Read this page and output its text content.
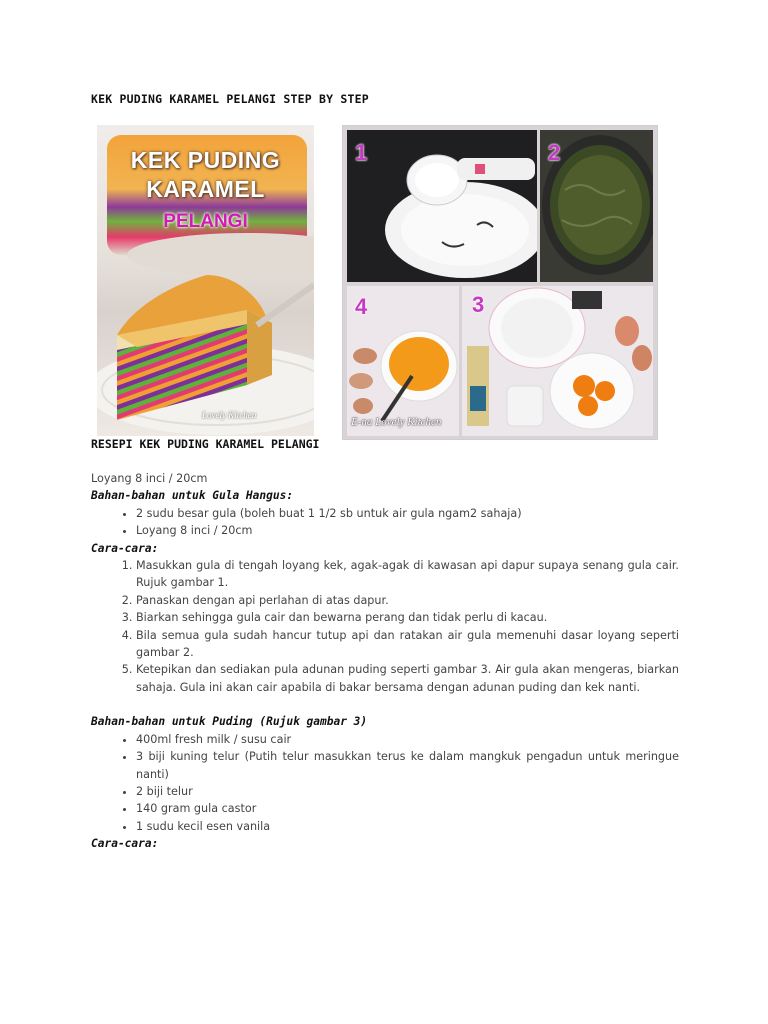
KEK PUDING KARAMEL PELANGI STEP BY STEP
KEK PUDING
KARAMEL
PELANGI
Lovely Kitchen
1	2
4	3
E-na Lovely Kitchen
RESEPI KEK PUDING KARAMEL PELANGI
Loyang 8 inci / 20cm
Bahan-bahan untuk Gula Hangus:
• 2 sudu besar gula (boleh buat 1 1/2 sb untuk air gula ngam2 sahaja)
• Loyang 8 inci / 20cm
Cara-cara:
1. Masukkan gula di tengah loyang kek, agak-agak di kawasan api dapur supaya senang gula cair. Rujuk gambar 1.
2. Panaskan dengan api perlahan di atas dapur.
3. Biarkan sehingga gula cair dan bewarna perang dan tidak perlu di kacau.
4. Bila semua gula sudah hancur tutup api dan ratakan air gula memenuhi dasar loyang seperti gambar 2.
5. Ketepikan dan sediakan pula adunan puding seperti gambar 3. Air gula akan mengeras, biarkan sahaja. Gula ini akan cair apabila di bakar bersama dengan adunan puding dan kek nanti.
Bahan-bahan untuk Puding (Rujuk gambar 3)
• 400ml fresh milk / susu cair
• 3 biji kuning telur (Putih telur masukkan terus ke dalam mangkuk pengadun untuk meringue nanti)
• 2 biji telur
• 140 gram gula castor
• 1 sudu kecil esen vanila
Cara-cara:
